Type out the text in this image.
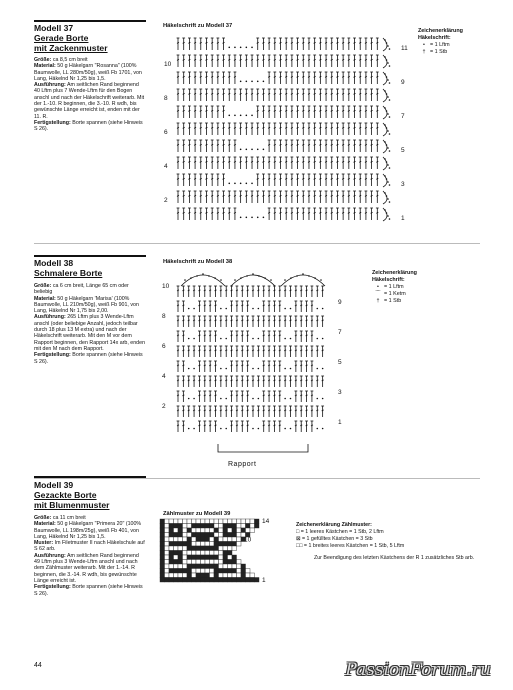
Modell 37
Gerade Borte
mit Zackenmuster
Größe: ca 8,5 cm breit
Material: 50 g Häkelgarn "Rosanna" (100% Baumwolle, LL 280m/50g), weiß Fb 1701, von Lang, Häkelnd Nr 1,25 bis 1,5.
Ausführung: Am seitlichen Rand beginnend 40 Lftm plus 7 Wende-Lftm für den Bogen anschl und nach der Häkelschrift weiterarb. Mit der 1.-10. R beginnen, die 3.-10. R wdh, bis gewünschte Länge erreicht ist, enden mit der 11. R.
Fertigstellung: Borte spannen (siehe Hinweis S 26).
Häkelschrift zu Modell 37
10
8
6
4
2
11
9
7
5
3
1
Zeichenerklärung
Häkelschrift:
• = 1 Lftm
† = 1 Stb
Modell 38
Schmalere Borte
Größe: ca 6 cm breit, Länge 65 cm oder beliebig
Material: 50 g Häkelgarn 'Marisa' (100% Baumwolle, LL 210m/50g), weiß Fb 901, von Lang, Häkelnd Nr 1,75 bis 2,00.
Ausführung: 265 Lftm plus 3 Wende-Lftm anschl (oder beliebige Anzahl, jedoch teilbar durch 18 plus 13 M extra) und nach der Häkelschrift weiterarb. Mit den M vor dem Rapport beginnen, den Rapport 14x arb, enden mit den M nach dem Rapport.
Fertigstellung: Borte spannen (siehe Hinweis S 26).
Häkelschrift zu Modell 38
10
8
6
4
2
9
7
5
3
1
Rapport
Zeichenerklärung
Häkelschrift:
• = 1 Lftm
⌒ = 1 Ketm
† = 1 Stb
Modell 39
Gezackte Borte
mit Blumenmuster
Größe: ca 11 cm breit
Material: 50 g Häkelgarn "Primera 20" (100% Baumwolle, LL 198m/25g), weiß Fb 401, von Lang, Häkelnd Nr 1,25 bis 1,5.
Muster: Im Filetmuster II nach Häkelschule auf S 62 arb.
Ausführung: Am seitlichen Rand beginnend 49 Lftm plus 3 Wende-Lftm anschl und nach dem Zählmuster weiterarb. Mit der 1.-14. R beginnen, die 3.-14. R wdh, bis gewünschte Länge erreicht ist.
Fertigstellung: Borte spannen (siehe Hinweis S 26).
Zählmuster zu Modell 39
14
10
1
Zeichenerklärung Zählmuster:
□ = 1 leeres Kästchen = 1 Stb, 2 Lftm
⊠ = 1 gefülltes Kästchen = 3 Stb
□□ = 1 breites leeres Kästchen = 1 Stb, 5 Lftm
Zur Beendigung des letzten Kästchens der R 1 zusätzliches Stb arb.
44	PassionForum.ru
